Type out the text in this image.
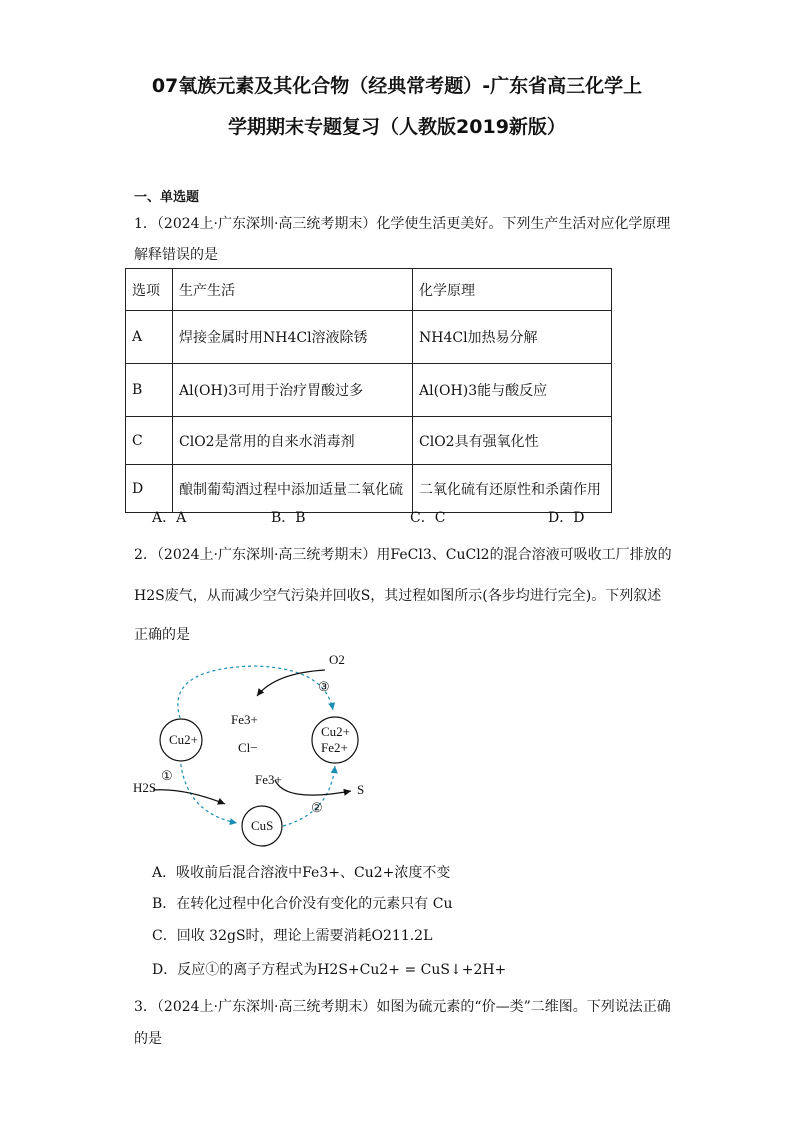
07氧族元素及其化合物（经典常考题）-广东省高三化学上
学期期末专题复习（人教版2019新版）
一、单选题
1．（2024上·广东深圳·高三统考期末）化学使生活更美好。下列生产生活对应化学原理
解释错误的是
选项	生产生活	化学原理
A	焊接金属时用NH4Cl溶液除锈	NH4Cl加热易分解
B	Al(OH)3可用于治疗胃酸过多	Al(OH)3能与酸反应
C	ClO2是常用的自来水消毒剂	ClO2具有强氧化性
D	酿制葡萄酒过程中添加适量二氧化硫	二氧化硫有还原性和杀菌作用
A．A	B．B	C．C	D．D
2．（2024上·广东深圳·高三统考期末）用FeCl3、CuCl2的混合溶液可吸收工厂排放的
H2S废气，从而减少空气污染并回收S，其过程如图所示(各步均进行完全)。下列叙述
正确的是
O2
③
Fe3+
Cl−
Cu2+
Cu2+
Fe2+
H2S
①	Fe3+
②
S
CuS
A．吸收前后混合溶液中Fe3+、Cu2+浓度不变
B．在转化过程中化合价没有变化的元素只有 Cu
C．回收 32gS时，理论上需要消耗O211.2L
D．反应①的离子方程式为H2S+Cu2+ = CuS↓+2H+
3．（2024上·广东深圳·高三统考期末）如图为硫元素的“价—类”二维图。下列说法正确
的是
